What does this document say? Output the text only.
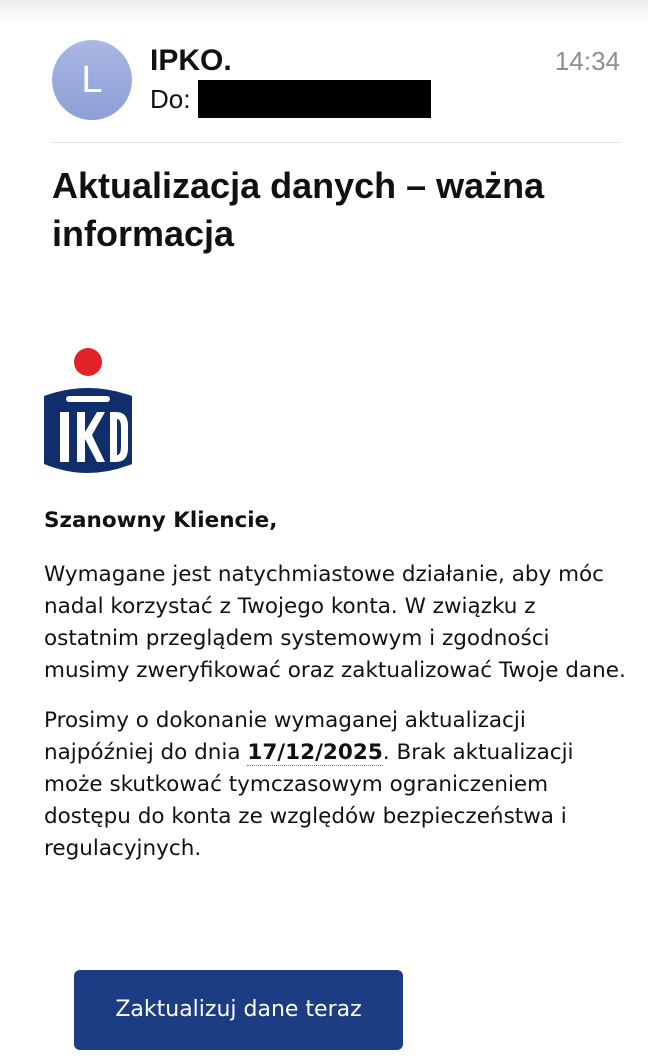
L IPKO.
Do:
14:34
Aktualizacja danych – ważna informacja

Szanowny Kliencie,

Wymagane jest natychmiastowe działanie, aby móc nadal korzystać z Twojego konta. W związku z ostatnim przeglądem systemowym i zgodności musimy zweryfikować oraz zaktualizować Twoje dane.

Prosimy o dokonanie wymaganej aktualizacji najpóźniej do dnia 17/12/2025. Brak aktualizacji może skutkować tymczasowym ograniczeniem dostępu do konta ze względów bezpieczeństwa i regulacyjnych.

Zaktualizuj dane teraz
